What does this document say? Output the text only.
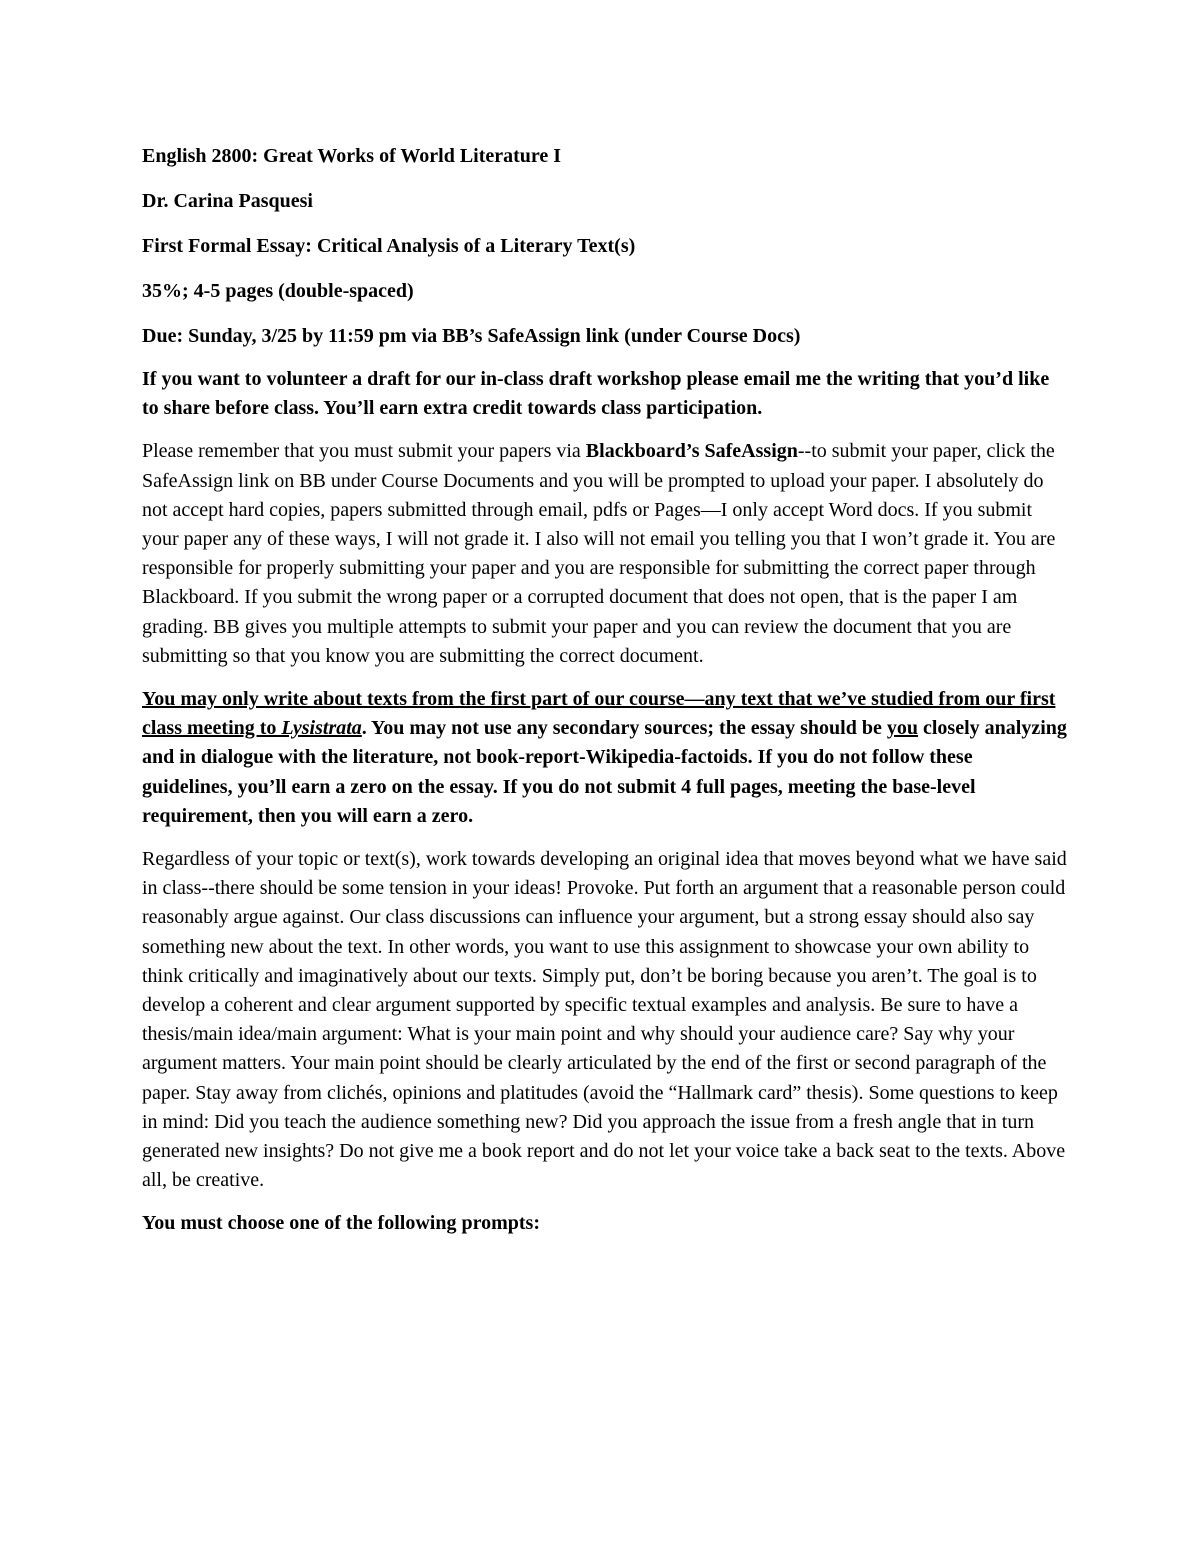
English 2800: Great Works of World Literature I
Dr. Carina Pasquesi
First Formal Essay: Critical Analysis of a Literary Text(s)
35%; 4-5 pages (double-spaced)
Due: Sunday, 3/25 by 11:59 pm via BB’s SafeAssign link (under Course Docs)

If you want to volunteer a draft for our in-class draft workshop please email me the writing that you’d like to share before class. You’ll earn extra credit towards class participation.

Please remember that you must submit your papers via Blackboard’s SafeAssign--to submit your paper, click the SafeAssign link on BB under Course Documents and you will be prompted to upload your paper. I absolutely do not accept hard copies, papers submitted through email, pdfs or Pages—I only accept Word docs. If you submit your paper any of these ways, I will not grade it. I also will not email you telling you that I won’t grade it. You are responsible for properly submitting your paper and you are responsible for submitting the correct paper through Blackboard. If you submit the wrong paper or a corrupted document that does not open, that is the paper I am grading. BB gives you multiple attempts to submit your paper and you can review the document that you are submitting so that you know you are submitting the correct document.

You may only write about texts from the first part of our course—any text that we’ve studied from our first class meeting to Lysistrata. You may not use any secondary sources; the essay should be you closely analyzing and in dialogue with the literature, not book-report-Wikipedia-factoids. If you do not follow these guidelines, you’ll earn a zero on the essay. If you do not submit 4 full pages, meeting the base-level requirement, then you will earn a zero.

Regardless of your topic or text(s), work towards developing an original idea that moves beyond what we have said in class--there should be some tension in your ideas! Provoke. Put forth an argument that a reasonable person could reasonably argue against. Our class discussions can influence your argument, but a strong essay should also say something new about the text. In other words, you want to use this assignment to showcase your own ability to think critically and imaginatively about our texts. Simply put, don’t be boring because you aren’t. The goal is to develop a coherent and clear argument supported by specific textual examples and analysis. Be sure to have a thesis/main idea/main argument: What is your main point and why should your audience care? Say why your argument matters. Your main point should be clearly articulated by the end of the first or second paragraph of the paper. Stay away from clichés, opinions and platitudes (avoid the “Hallmark card” thesis). Some questions to keep in mind: Did you teach the audience something new? Did you approach the issue from a fresh angle that in turn generated new insights? Do not give me a book report and do not let your voice take a back seat to the texts. Above all, be creative.

You must choose one of the following prompts:
